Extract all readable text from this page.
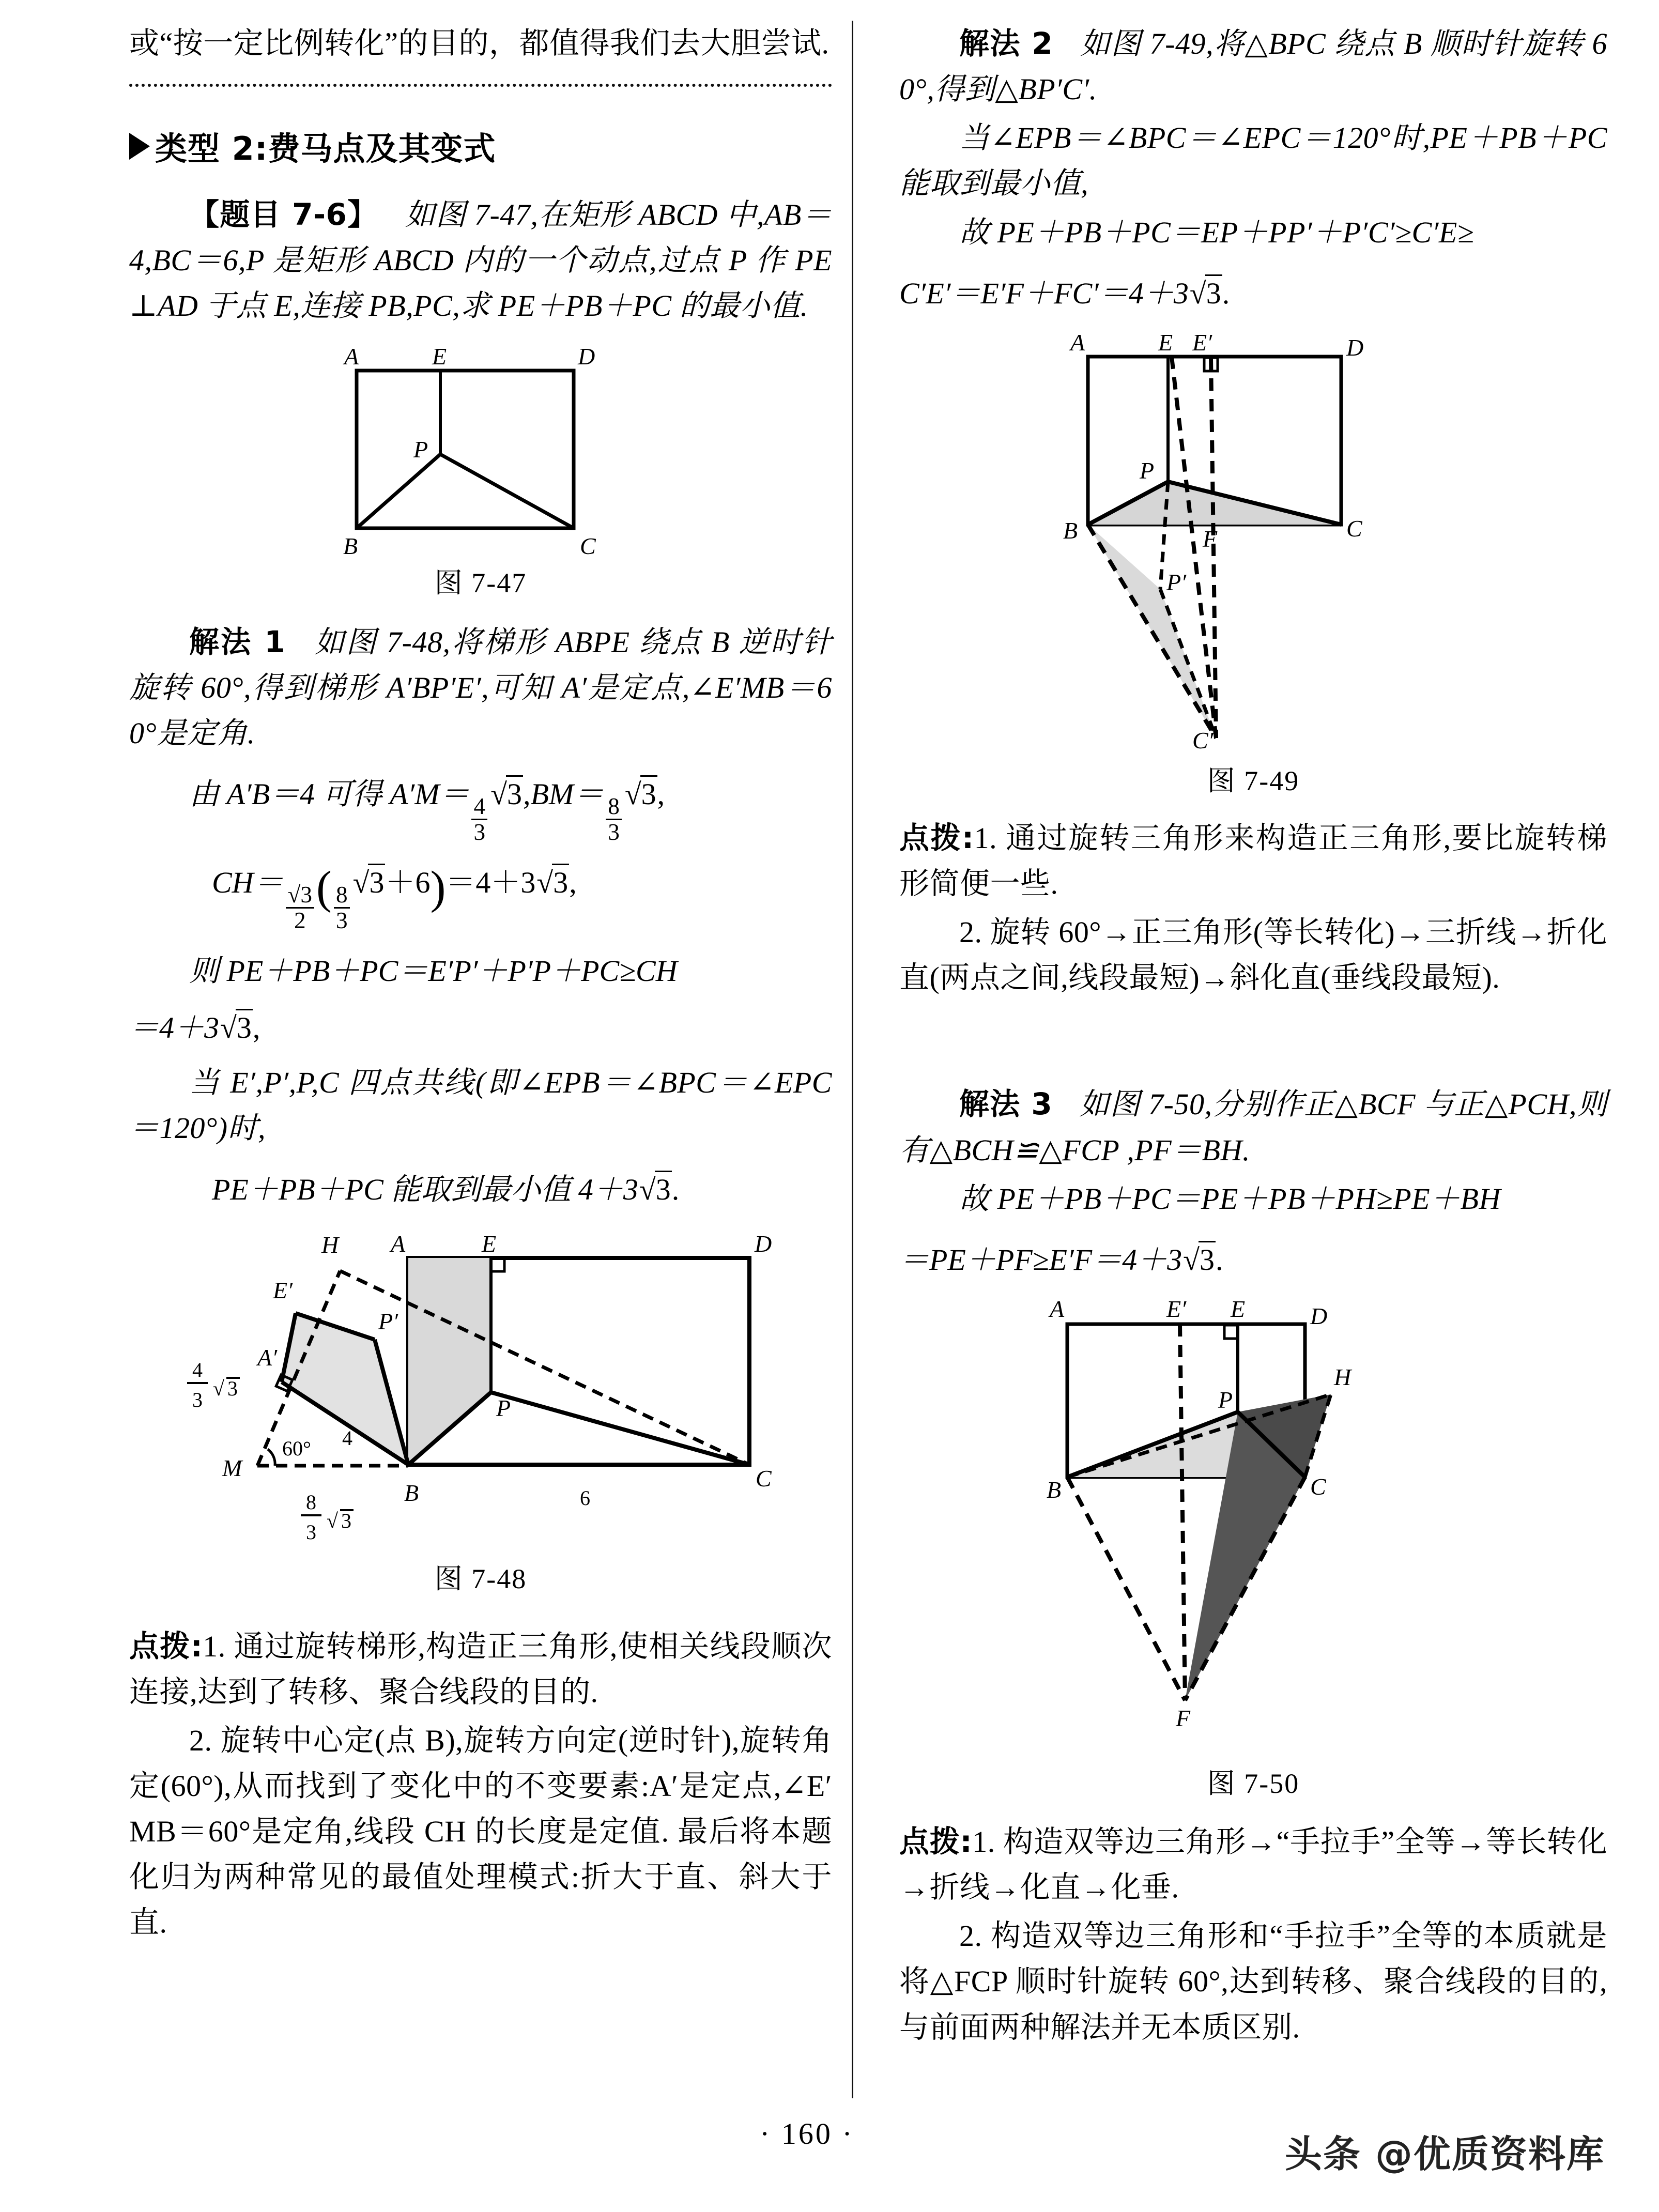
或“按一定比例转化”的目的，都值得我们去大胆尝试.

类型 2:费马点及其变式

【题目 7-6】 如图 7-47,在矩形 ABCD 中,AB＝4,BC＝6,P 是矩形 ABCD 内的一个动点,过点 P 作 PE⊥AD 于点 E,连接 PB,PC,求 PE＋PB＋PC 的最小值.

A	E	D
P
B	C
图 7-47

解法 1 如图 7-48,将梯形 ABPE 绕点 B 逆时针旋转 60°,得到梯形 A′BP′E′,可知 A′是定点,∠E′MB＝60°是定角.

由 A′B＝4 可得 A′M＝
$\frac{4}{3}$
√3,BM＝
$\frac{8}{3}$
√3,
CH＝
$\frac{√3}{2}$ ( $\frac{8}{3}$
√3＋6)＝4＋3 √ 3,
则 PE＋PB＋PC＝E′P′＋P′P＋PC≥CH
＝4＋3 √ 3,

当 E′,P′,P,C 四点共线(即∠EPB＝∠BPC＝∠EPC＝120°)时,

PE＋PB＋PC 能取到最小值 4＋3 √ 3.
H A	E	D
E′
P′
A′
P
M
B
C
4
6
60°
4
3 √ 3
8
3 √ 3
图 7-48

点拨:1. 通过旋转梯形,构造正三角形,使相关线段顺次连接,达到了转移、聚合线段的目的.

2. 旋转中心定(点 B),旋转方向定(逆时针),旋转角定(60°),从而找到了变化中的不变要素:A′是定点,∠E′MB＝60°是定角,线段 CH 的长度是定值. 最后将本题化归为两种常见的最值处理模式:折大于直、斜大于直.

解法 2 如图 7-49,将△BPC 绕点 B 顺时针旋转 60°,得到△BP′C′.

当∠EPB＝∠BPC＝∠EPC＝120°时,PE＋PB＋PC 能取到最小值,

故 PE＋PB＋PC＝EP＋PP′＋P′C′≥C′E≥

C′E′＝E′F＋FC′＝4＋3 √ 3.
A	E E′	D
P
B	F	C
P′
C′
图 7-49

点拨:1. 通过旋转三角形来构造正三角形,要比旋转梯形简便一些.

2. 旋转 60°→正三角形(等长转化)→三折线→折化直(两点之间,线段最短)→斜化直(垂线段最短).

解法 3 如图 7-50,分别作正△BCF 与正△PCH,则有△BCH≌△FCP ,PF＝BH.

故 PE＋PB＋PC＝PE＋PB＋PH≥PE＋BH

＝PE＋PF≥E′F＝4＋3 √ 3.
A	E′ E	D
H
P
B	C
F
图 7-50

点拨:1. 构造双等边三角形→“手拉手”全等→等长转化→折线→化直→化垂.

2. 构造双等边三角形和“手拉手”全等的本质就是将△FCP 顺时针旋转 60°,达到转移、聚合线段的目的,与前面两种解法并无本质区别.

· 160 ·	头条 @优质资料库
